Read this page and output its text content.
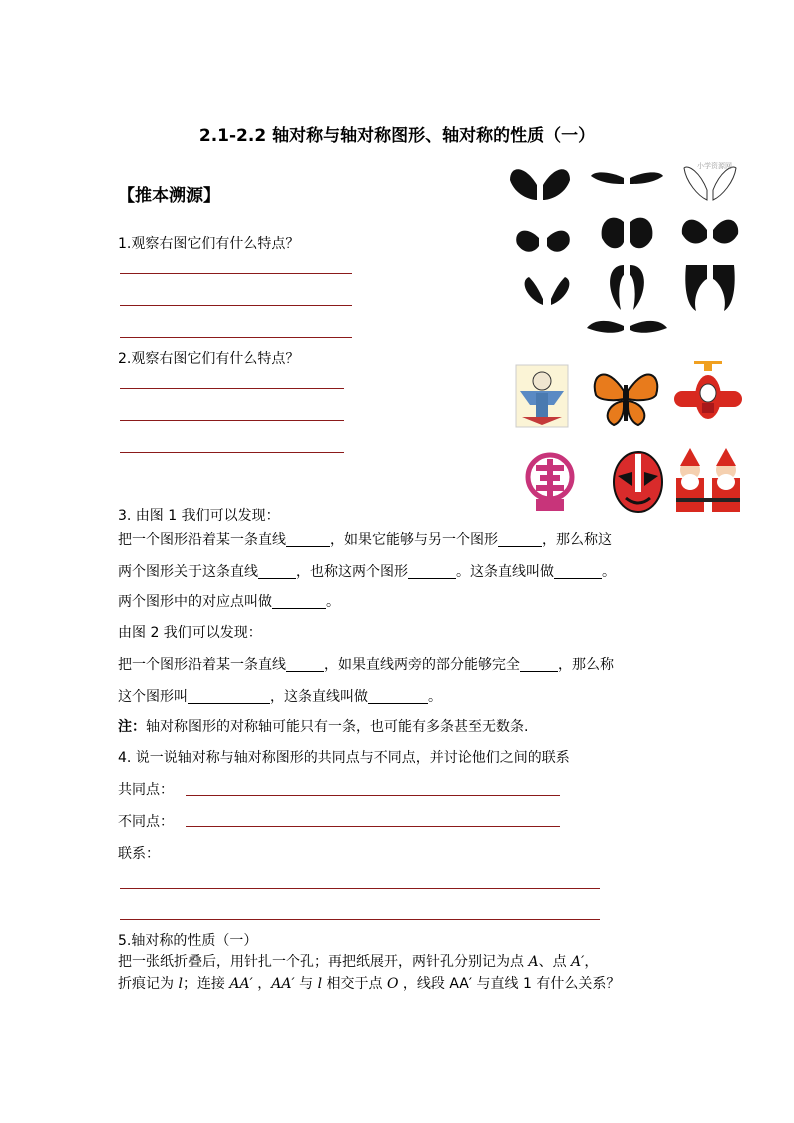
2.1-2.2 轴对称与轴对称图形、轴对称的性质（一）
【推本溯源】
1.观察右图它们有什么特点？
2.观察右图它们有什么特点？
3. 由图 1 我们可以发现：
把一个图形沿着某一条直线	，如果它能够与另一个图形	，那么称这
两个图形关于这条直线	，也称这两个图形	。这条直线叫做	。
两个图形中的对应点叫做	。
由图 2 我们可以发现：
把一个图形沿着某一条直线	，如果直线两旁的部分能够完全	，那么称
这个图形叫	，这条直线叫做	。
注：轴对称图形的对称轴可能只有一条，也可能有多条甚至无数条.
4. 说一说轴对称与轴对称图形的共同点与不同点，并讨论他们之间的联系
共同点：
不同点：
联系：
5.轴对称的性质（一）
把一张纸折叠后，用针扎一个孔；再把纸展开，两针孔分别记为点 A、点 A′，
折痕记为 l；连接 AA′ ，AA′ 与 l 相交于点 O ，线段 AA′ 与直线 1 有什么关系？
小学资源网
